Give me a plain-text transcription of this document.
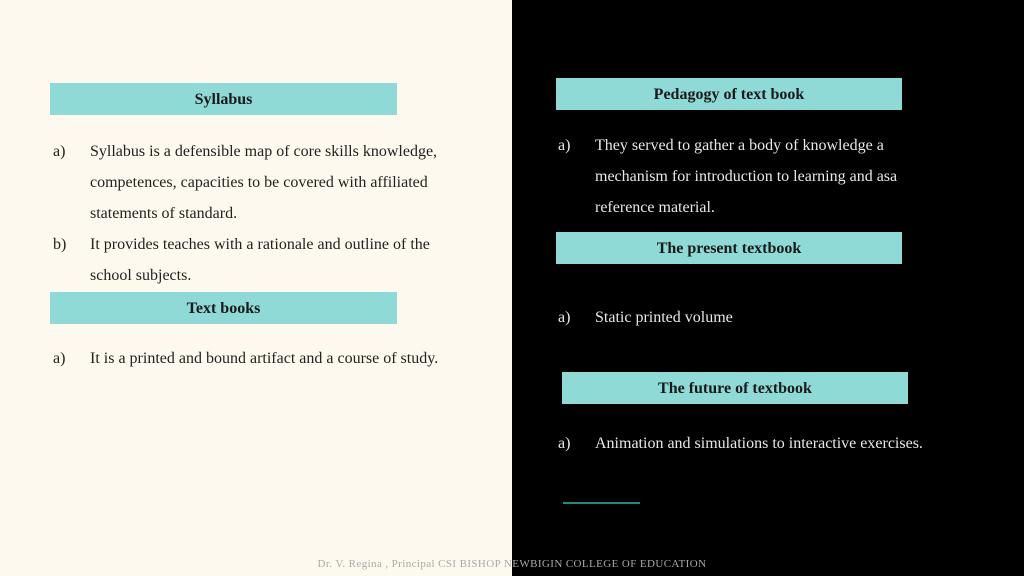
Syllabus
a) Syllabus is a defensible map of core skills knowledge,
competences, capacities to be covered with affiliated
statements of standard.
b) It provides teaches with a rationale and outline of the
school subjects.
Text books
a) It is a printed and bound artifact and a course of study.
Pedagogy of text book
a) They served to gather a body of knowledge a
mechanism for introduction to learning and asa
reference material.
The present textbook
a) Static printed volume
The future of textbook
a) Animation and simulations to interactive exercises.
Dr. V. Regina , Principal CSI BISHOP NEWBIGIN COLLEGE OF EDUCATION
